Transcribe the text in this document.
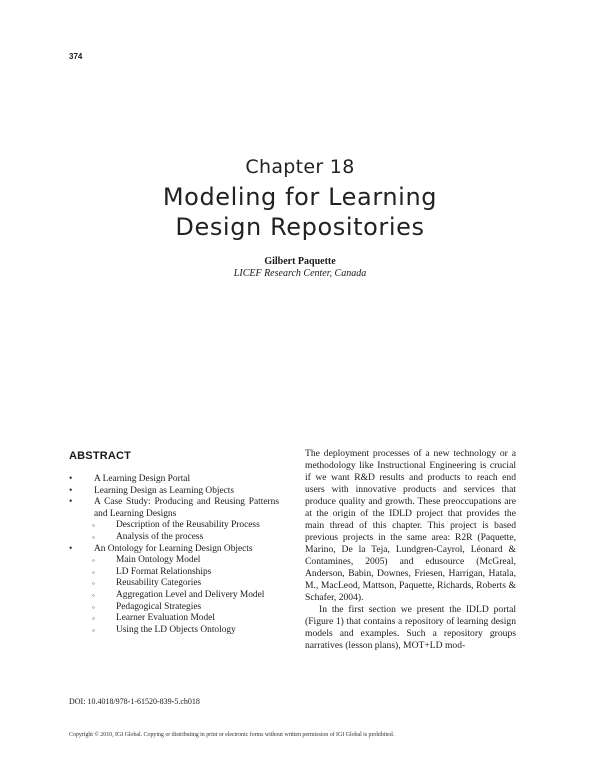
374
Chapter 18
Modeling for Learning
Design Repositories
Gilbert Paquette
LICEF Research Center, Canada
ABSTRACT
• A Learning Design Portal
• Learning Design as Learning Objects
• A Case Study: Producing and Reusing Patterns and Learning Designs
◦ Description of the Reusability Process
◦ Analysis of the process
• An Ontology for Learning Design Objects
◦ Main Ontology Model
◦ LD Format Relationships
◦ Reusability Categories
◦ Aggregation Level and Delivery Model
◦ Pedagogical Strategies
◦ Learner Evaluation Model
◦ Using the LD Objects Ontology
DOI: 10.4018/978-1-61520-839-5.ch018

The deployment processes of a new technology or a methodology like Instructional Engineering is crucial if we want R&D results and products to reach end users with innovative products and services that produce quality and growth. These preoccupations are at the origin of the IDLD project that provides the main thread of this chapter. This project is based previous projects in the same area: R2R (Paquette, Marino, De la Teja, Lundgren-Cayrol, Léonard & Contamines, 2005) and edusource (McGreal, Anderson, Babin, Downes, Friesen, Harrigan, Hatala, M., MacLeod, Mattson, Paquette, Richards, Roberts & Schafer, 2004).

In the first section we present the IDLD portal (Figure 1) that contains a repository of learning design models and examples. Such a repository groups narratives (lesson plans), MOT+LD mod-

Copyright © 2010, IGI Global. Copying or distributing in print or electronic forms without written permission of IGI Global is prohibited.
